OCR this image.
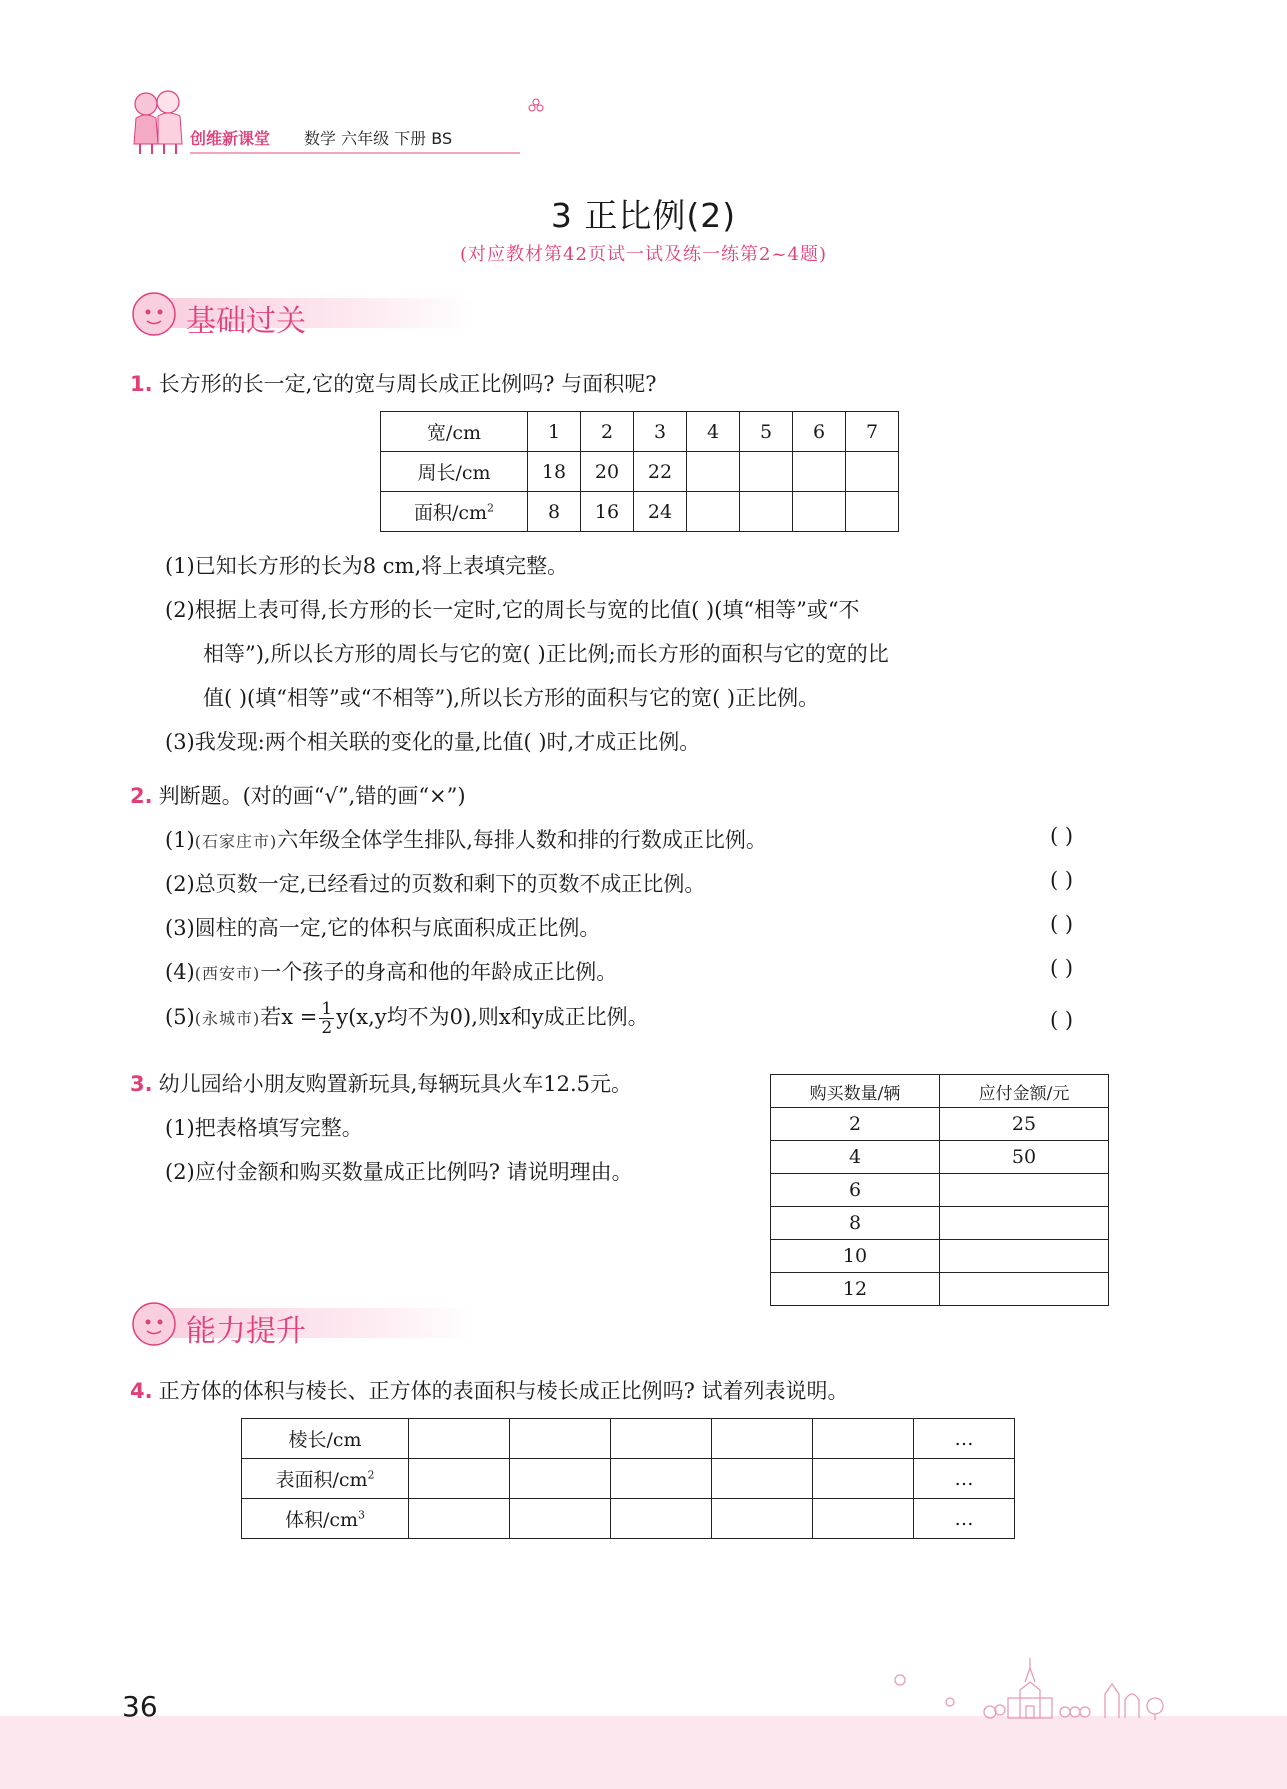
创维新课堂 数学 六年级 下册 BS
3 正比例(2)
(对应教材第42页试一试及练一练第2~4题)
基础过关
1. 长方形的长一定,它的宽与周长成正比例吗? 与面积呢?
宽/cm	1	2	3	4	5	6	7
周长/cm	18	20	22				
面积$/cm^2$	8	16	24				
(1)已知长方形的长为8 cm,将上表填完整。
(2)根据上表可得,长方形的长一定时,它的周长与宽的比值( )(填“相等”或“不
相等”),所以长方形的周长与它的宽( )正比例;而长方形的面积与它的宽的比
值( )(填“相等”或“不相等”),所以长方形的面积与它的宽( )正比例。
(3)我发现:两个相关联的变化的量,比值( )时,才成正比例。
2. 判断题。(对的画“√”,错的画“×”)
(1)(石家庄市)六年级全体学生排队,每排人数和排的行数成正比例。
(2)总页数一定,已经看过的页数和剩下的页数不成正比例。
(3)圆柱的高一定,它的体积与底面积成正比例。
(4)(西安市)一个孩子的身高和他的年龄成正比例。
(5)(永城市)若$x = \frac{1}{2} y(x,y$均不为0),则x和y成正比例。
( )
( )
( )
( )
( )
3. 幼儿园给小朋友购置新玩具,每辆玩具火车12.5元。
(1)把表格填写完整。
(2)应付金额和购买数量成正比例吗? 请说明理由。
购买数量/辆	应付金额/元
2	25
4	50
6	
8	
10	
12	
能力提升
4. 正方体的体积与棱长、正方体的表面积与棱长成正比例吗? 试着列表说明。
棱长/cm						…
表面积$/cm^2$						…
体积$/cm^3$						…
36
